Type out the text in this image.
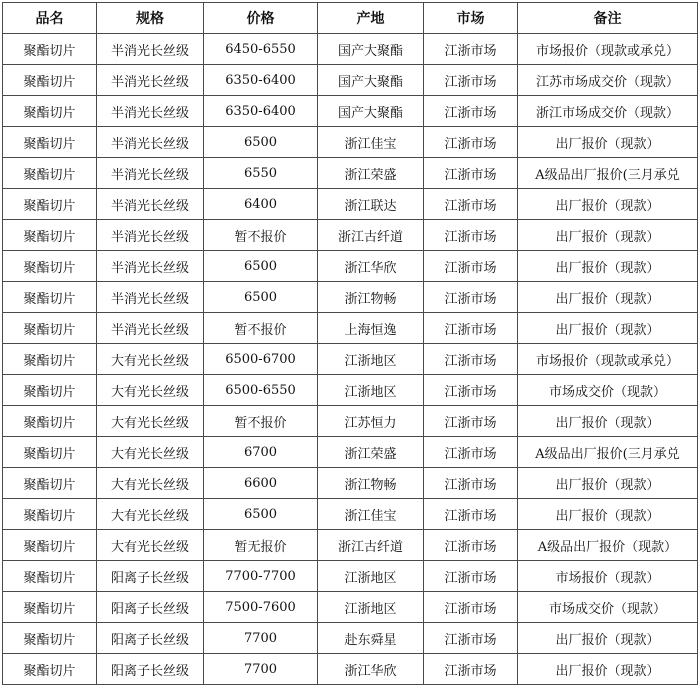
品名	规格	价格	产地	市场	备注
聚酯切片	半消光长丝级	6450-6550	国产大聚酯	江浙市场	市场报价（现款或承兑）
聚酯切片	半消光长丝级	6350-6400	国产大聚酯	江浙市场	江苏市场成交价（现款）
聚酯切片	半消光长丝级	6350-6400	国产大聚酯	江浙市场	浙江市场成交价（现款）
聚酯切片	半消光长丝级	6500	浙江佳宝	江浙市场	出厂报价（现款）
聚酯切片	半消光长丝级	6550	浙江荣盛	江浙市场	A级品出厂报价(三月承兑
聚酯切片	半消光长丝级	6400	浙江联达	江浙市场	出厂报价（现款）
聚酯切片	半消光长丝级	暂不报价	浙江古纤道	江浙市场	出厂报价（现款）
聚酯切片	半消光长丝级	6500	浙江华欣	江浙市场	出厂报价（现款）
聚酯切片	半消光长丝级	6500	浙江物畅	江浙市场	出厂报价（现款）
聚酯切片	半消光长丝级	暂不报价	上海恒逸	江浙市场	出厂报价（现款）
聚酯切片	大有光长丝级	6500-6700	江浙地区	江浙市场	市场报价（现款或承兑）
聚酯切片	大有光长丝级	6500-6550	江浙地区	江浙市场	市场成交价（现款）
聚酯切片	大有光长丝级	暂不报价	江苏恒力	江浙市场	出厂报价（现款）
聚酯切片	大有光长丝级	6700	浙江荣盛	江浙市场	A级品出厂报价(三月承兑
聚酯切片	大有光长丝级	6600	浙江物畅	江浙市场	出厂报价（现款）
聚酯切片	大有光长丝级	6500	浙江佳宝	江浙市场	出厂报价（现款）
聚酯切片	大有光长丝级	暂无报价	浙江古纤道	江浙市场	A级品出厂报价（现款）
聚酯切片	阳离子长丝级	7700-7700	江浙地区	江浙市场	市场报价（现款）
聚酯切片	阳离子长丝级	7500-7600	江浙地区	江浙市场	市场成交价（现款）
聚酯切片	阳离子长丝级	7700	赴东舜星	江浙市场	出厂报价（现款）
聚酯切片	阳离子长丝级	7700	浙江华欣	江浙市场	出厂报价（现款）
